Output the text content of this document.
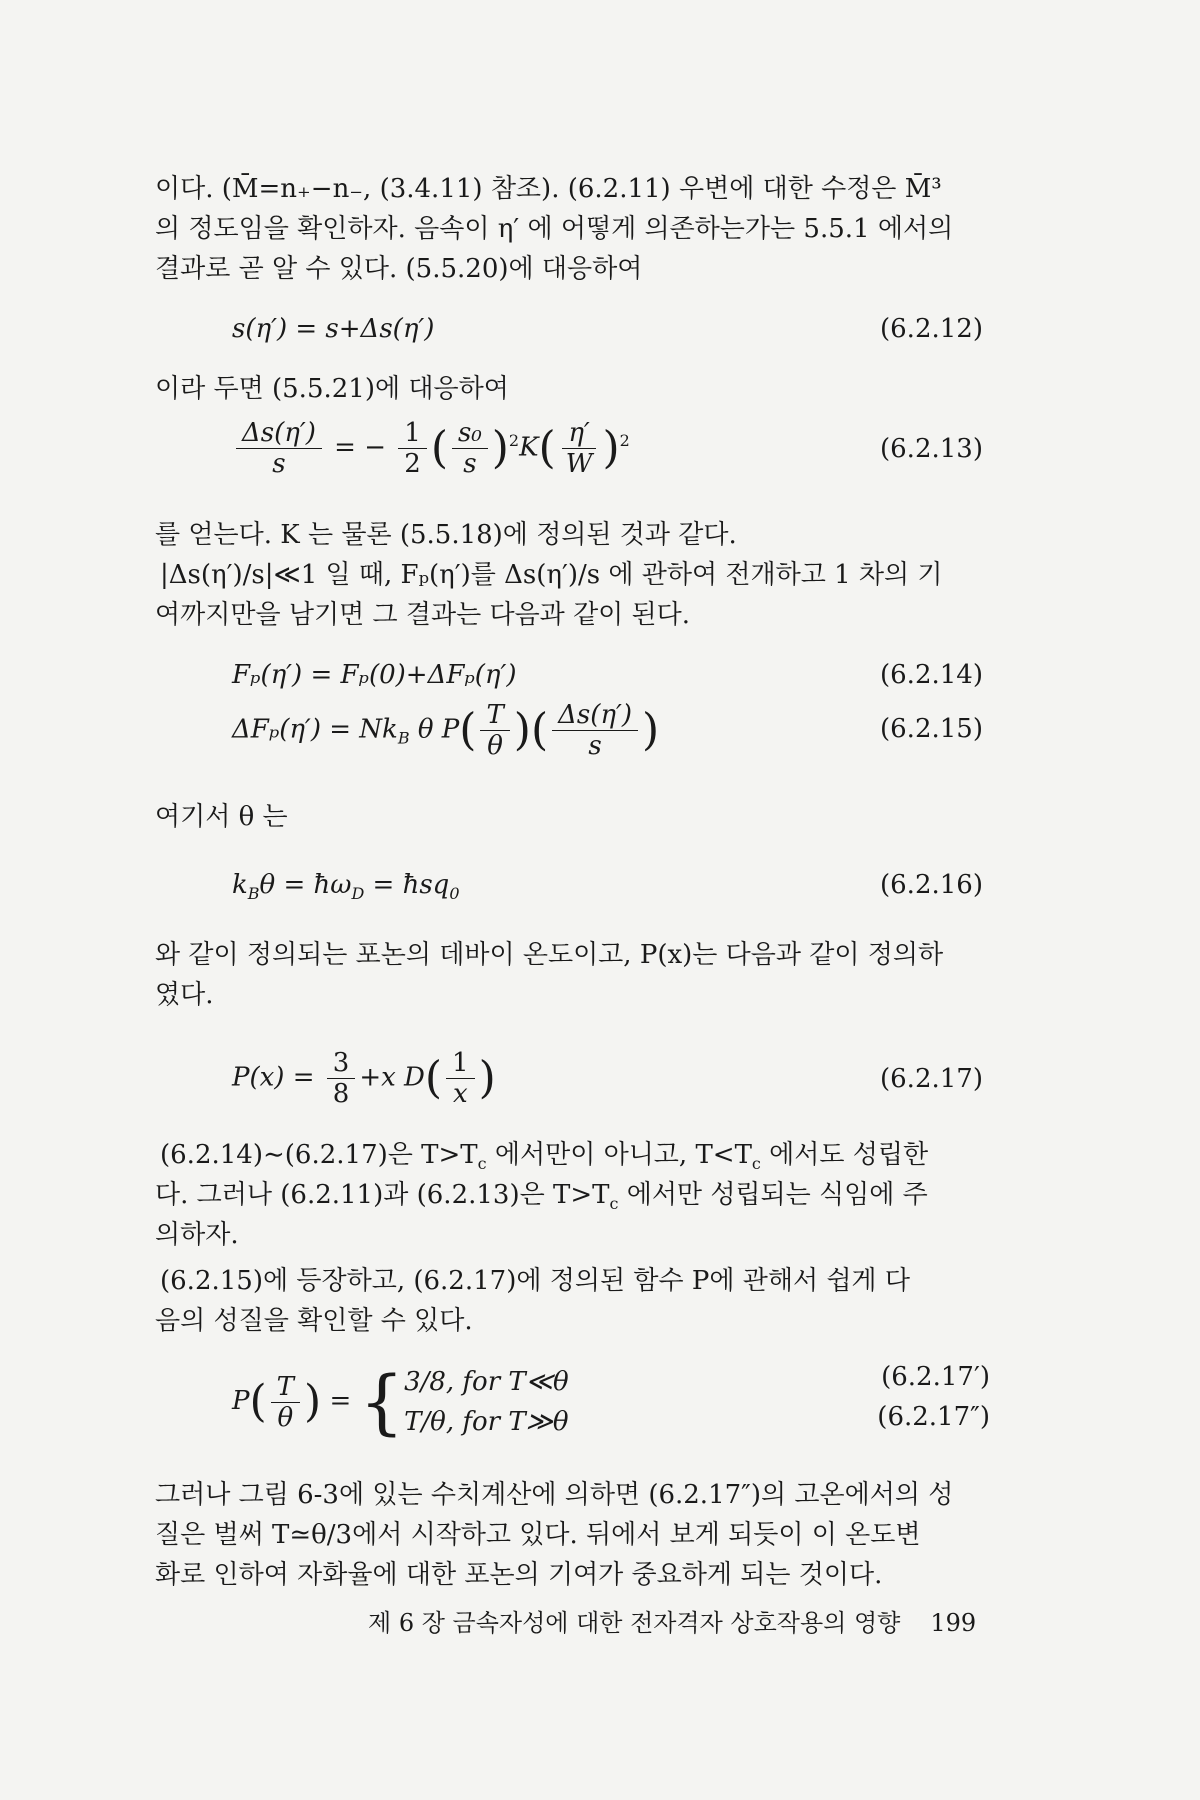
이다. (M̄=n₊−n₋, (3.4.11) 참조). (6.2.11) 우변에 대한 수정은 M̄³
의 정도임을 확인하자. 음속이 η′ 에 어떻게 의존하는가는 5.5.1 에서의
결과로 곧 알 수 있다. (5.5.20)에 대응하여
s(η′) = s+Δs(η′)	(6.2.12)
이라 두면 (5.5.21)에 대응하여
$\frac{\Delta s(\eta')}{s}$ = − $\frac{1}{2}$ ( $\frac{\text{s₀}}{s} )^2K( \frac{\eta'}{W} )^2$	(6.2.13)
를 얻는다. K 는 물론 (5.5.18)에 정의된 것과 같다.
|Δs(η′)/s|≪1 일 때, Fₚ(η′)를 Δs(η′)/s 에 관하여 전개하고 1 차의 기
여까지만을 남기면 그 결과는 다음과 같이 된다.
Fₚ(η′) = Fₚ(0)+ΔFₚ(η′)	(6.2.14)
$\Delta F_p(\eta') = Nk_B$ θ $P( \frac{T}{\theta}$ )( $\frac{\Delta s(\eta')}{s}$ )	(6.2.15)
여기서 θ 는
$k_B\theta$ = $ħ\omega_D$ = ħsq$_0$	(6.2.16)
와 같이 정의되는 포논의 데바이 온도이고, P(x)는 다음과 같이 정의하
였다.
$P(x) = \frac{3}{8} +x$ $D( \frac{1}{x}$ )	(6.2.17)
(6.2.14)∼(6.2.17)은 $T>T_c$ 에서만이 아니고, $T<T_c$ 에서도 성립한
다. 그러나 (6.2.11)과 (6.2.13)은 $T>T_c$ 에서만 성립되는 식임에 주
의하자.
(6.2.15)에 등장하고, (6.2.17)에 정의된 함수 P에 관해서 쉽게 다
음의 성질을 확인할 수 있다.
$P( \frac{T}{\theta}$ ) = { 3/8, for T≪θ
T/θ, for T≫θ
(6.2.17′)
(6.2.17″)
그러나 그림 6-3에 있는 수치계산에 의하면 (6.2.17″)의 고온에서의 성
질은 벌써 T≃θ/3에서 시작하고 있다. 뒤에서 보게 되듯이 이 온도변
화로 인하여 자화율에 대한 포논의 기여가 중요하게 되는 것이다.
제 6 장 금속자성에 대한 전자격자 상호작용의 영향 199
